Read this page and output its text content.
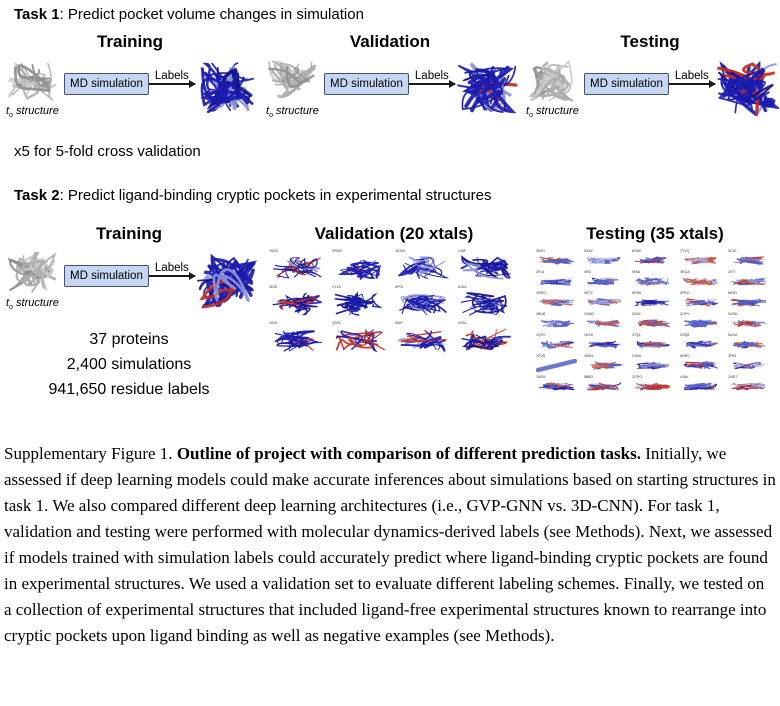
Task 1: Predict pocket volume changes in simulation
Training
$t_o$ structure
MD simulation
Labels
Validation
$t_o$ structure
MD simulation
Labels
Testing
$t_o$ structure
MD simulation
Labels
x5 for 5-fold cross validation
Task 2: Predict ligand-binding cryptic pockets in experimental structures
Training
$t_o$ structure
MD simulation
Labels
37 proteins
2,400 simulations
941,650 residue labels
Validation (20 xtals)
1S2O	2PNN	1EZM	1J8F
3KJE	1Y1A	4POI	8JXA
1IGD	2ZAV	5IAP	1HCL
Testing (35 xtals)
3NX1	5XA2	6OIM	1TVQ	3CJ0
2FL6	4I92	5NIA	3KQA	2IYT
1RRG	4R72	5H9A	3PEO	6E5D
2BU8	1XMG	5ZA4	2OFV	3UGK
2QFO	1KS9	4TQL	2HQ8	5UXA
1FVR	4W51	2YBU	6HRC	3P53
1MS9	5B6D	2GPO	4JAV	1ND7

Supplementary Figure 1. Outline of project with comparison of different prediction tasks. Initially, we assessed if deep learning models could make accurate inferences about simulations based on starting structures in task 1. We also compared different deep learning architectures (i.e., GVP-GNN vs. 3D-CNN). For task 1, validation and testing were performed with molecular dynamics-derived labels (see Methods). Next, we assessed if models trained with simulation labels could accurately predict where ligand-binding cryptic pockets are found in experimental structures. We used a validation set to evaluate different labeling schemes. Finally, we tested on a collection of experimental structures that included ligand-free experimental structures known to rearrange into cryptic pockets upon ligand binding as well as negative examples (see Methods).
